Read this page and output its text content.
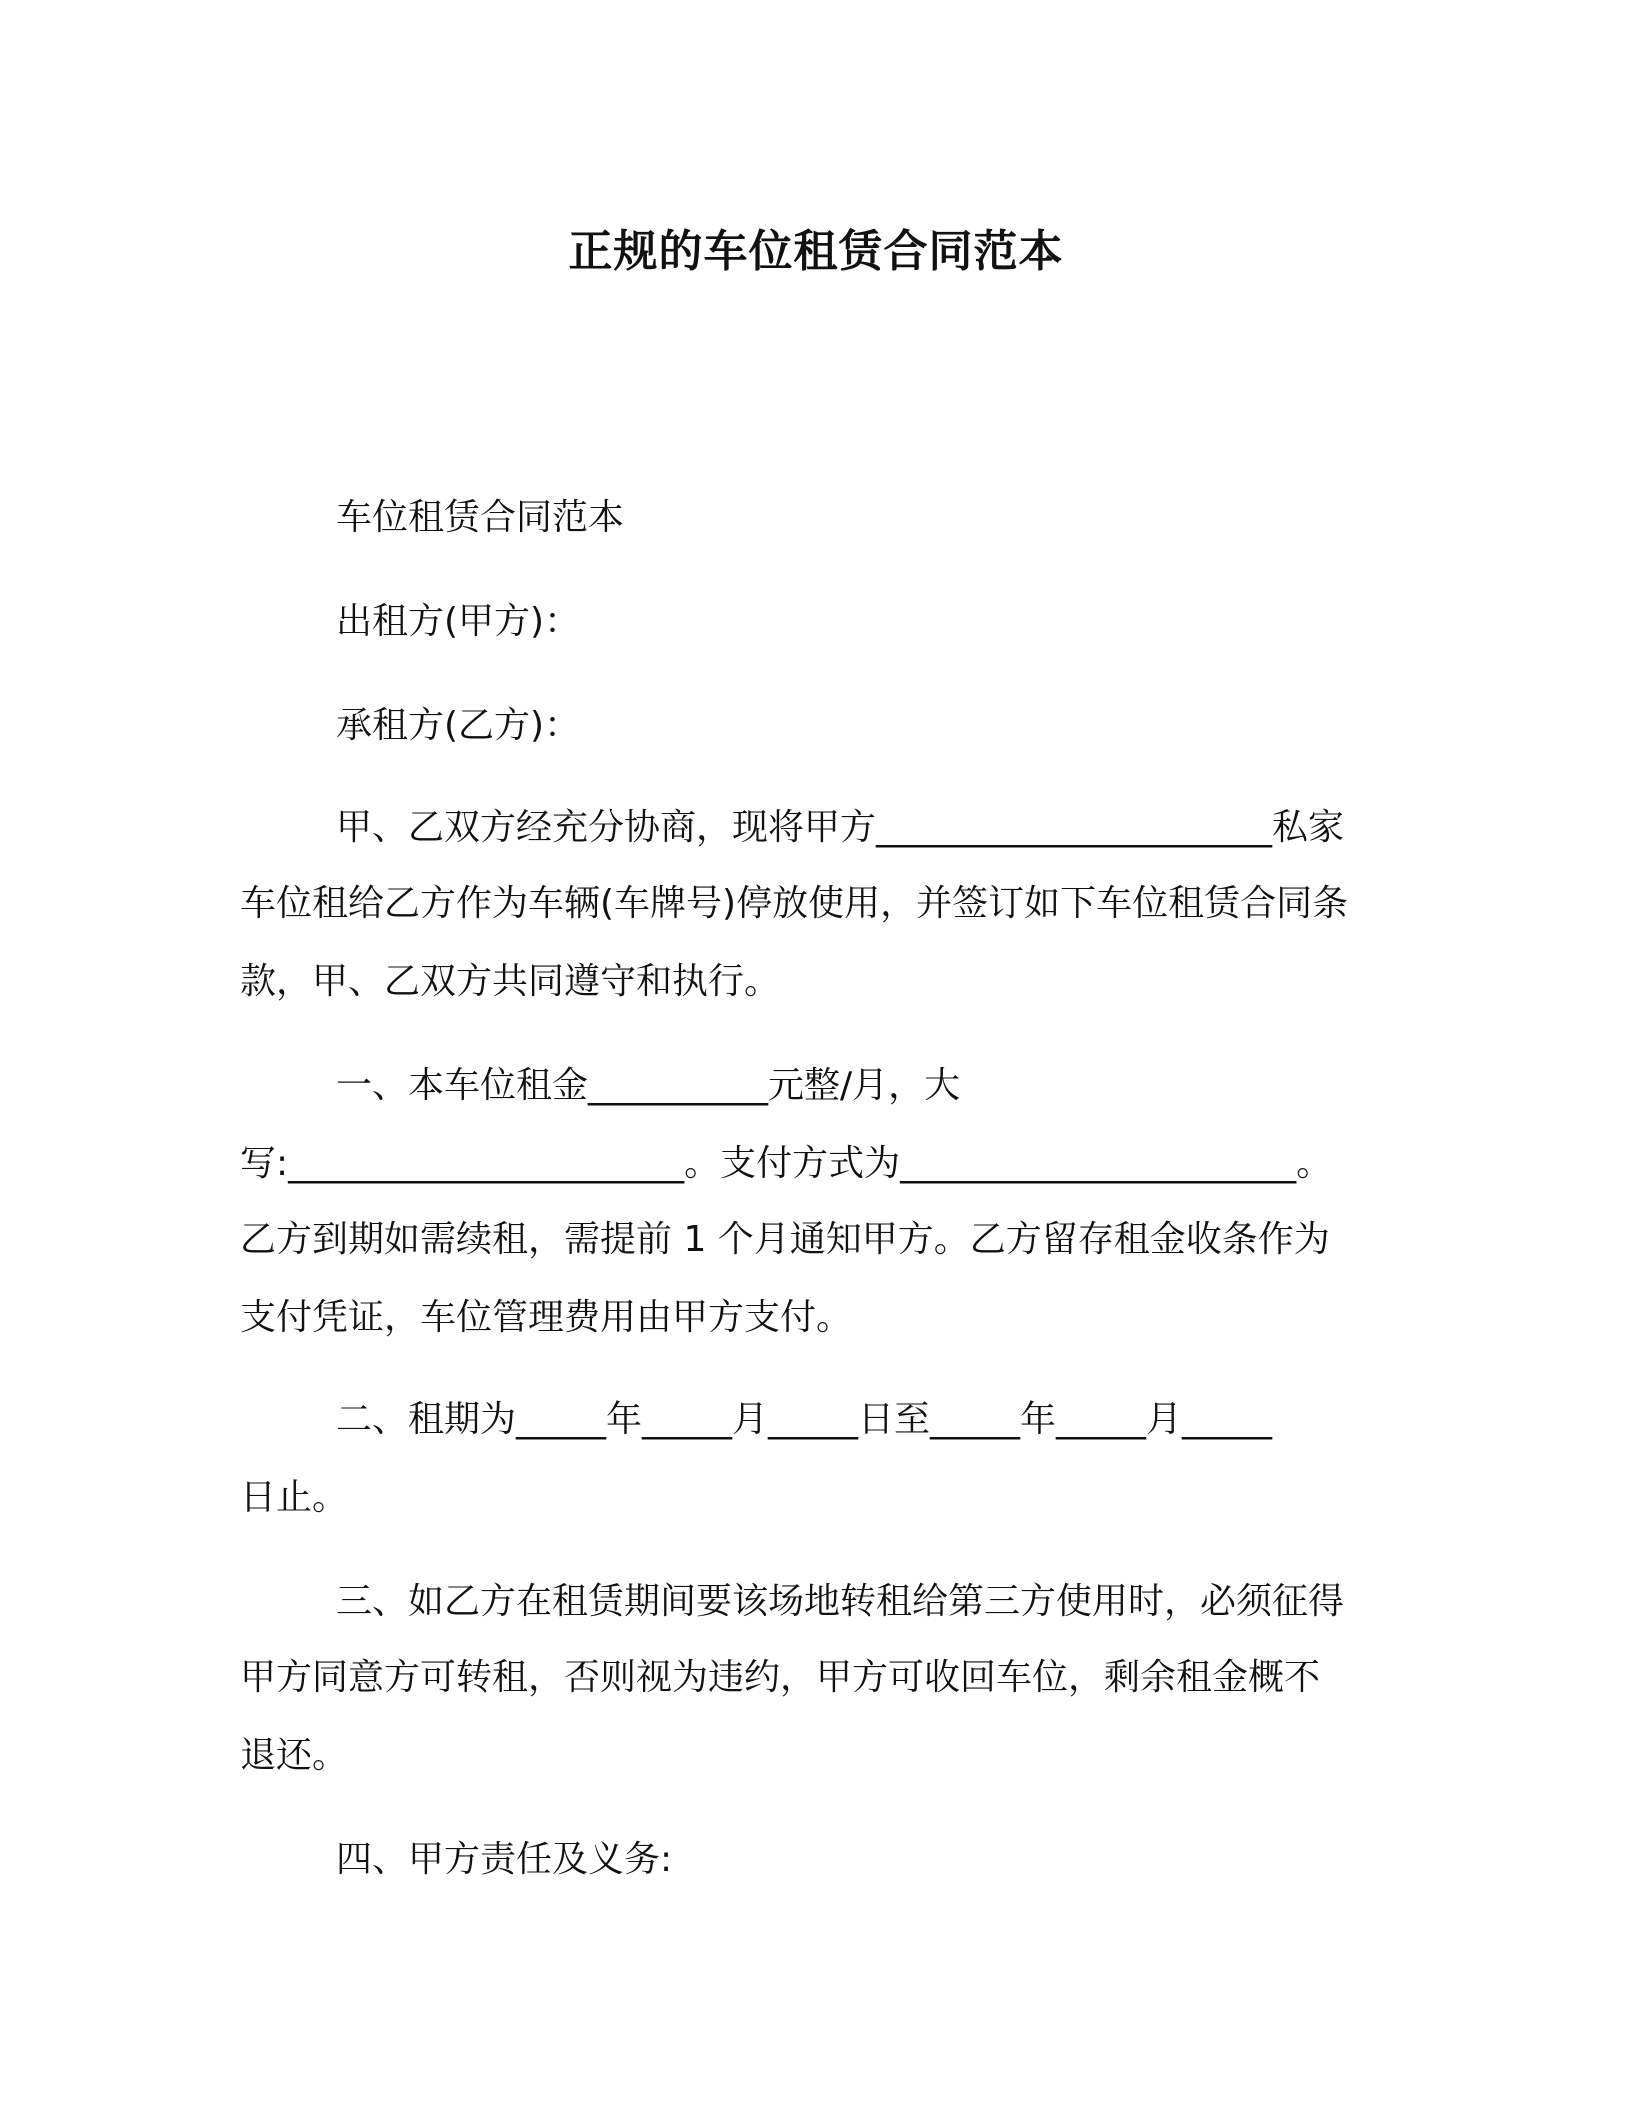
正规的车位租赁合同范本
车位租赁合同范本
出租方(甲方)：
承租方(乙方)：
甲、乙双方经充分协商，现将甲方______________________私家
车位租给乙方作为车辆(车牌号)停放使用，并签订如下车位租赁合同条
款，甲、乙双方共同遵守和执行。
一、本车位租金__________元整/月，大
写:______________________。支付方式为______________________。
乙方到期如需续租，需提前 1 个月通知甲方。乙方留存租金收条作为
支付凭证，车位管理费用由甲方支付。
二、租期为_____年_____月_____日至_____年_____月_____
日止。
三、如乙方在租赁期间要该场地转租给第三方使用时，必须征得
甲方同意方可转租，否则视为违约，甲方可收回车位，剩余租金概不
退还。
四、甲方责任及义务:
